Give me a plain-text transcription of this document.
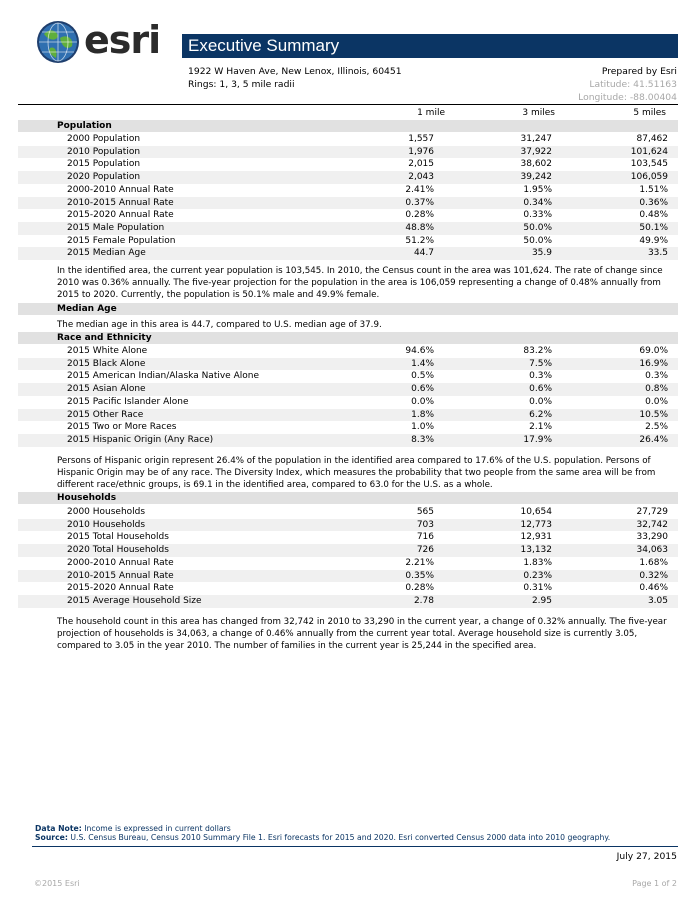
esri Executive Summary
1922 W Haven Ave, New Lenox, Illinois, 60451
Rings: 1, 3, 5 mile radii
Prepared by Esri
Latitude: 41.51163
Longitude: -88.00404
1 mile	3 miles	5 miles
Population
2000 Population	1,557	31,247	87,462
2010 Population	1,976	37,922	101,624
2015 Population	2,015	38,602	103,545
2020 Population	2,043	39,242	106,059
2000-2010 Annual Rate	2.41%	1.95%	1.51%
2010-2015 Annual Rate	0.37%	0.34%	0.36%
2015-2020 Annual Rate	0.28%	0.33%	0.48%
2015 Male Population	48.8%	50.0%	50.1%
2015 Female Population	51.2%	50.0%	49.9%
2015 Median Age	44.7	35.9	33.5
In the identified area, the current year population is 103,545. In 2010, the Census count in the area was 101,624. The rate of change since 2010 was 0.36% annually. The five-year projection for the population in the area is 106,059 representing a change of 0.48% annually from 2015 to 2020. Currently, the population is 50.1% male and 49.9% female.
Median Age
The median age in this area is 44.7, compared to U.S. median age of 37.9.
Race and Ethnicity
2015 White Alone	94.6%	83.2%	69.0%
2015 Black Alone	1.4%	7.5%	16.9%
2015 American Indian/Alaska Native Alone	0.5%	0.3%	0.3%
2015 Asian Alone	0.6%	0.6%	0.8%
2015 Pacific Islander Alone	0.0%	0.0%	0.0%
2015 Other Race	1.8%	6.2%	10.5%
2015 Two or More Races	1.0%	2.1%	2.5%
2015 Hispanic Origin (Any Race)	8.3%	17.9%	26.4%
Persons of Hispanic origin represent 26.4% of the population in the identified area compared to 17.6% of the U.S. population. Persons of Hispanic Origin may be of any race. The Diversity Index, which measures the probability that two people from the same area will be from different race/ethnic groups, is 69.1 in the identified area, compared to 63.0 for the U.S. as a whole.
Households
2000 Households	565	10,654	27,729
2010 Households	703	12,773	32,742
2015 Total Households	716	12,931	33,290
2020 Total Households	726	13,132	34,063
2000-2010 Annual Rate	2.21%	1.83%	1.68%
2010-2015 Annual Rate	0.35%	0.23%	0.32%
2015-2020 Annual Rate	0.28%	0.31%	0.46%
2015 Average Household Size	2.78	2.95	3.05
The household count in this area has changed from 32,742 in 2010 to 33,290 in the current year, a change of 0.32% annually. The five-year projection of households is 34,063, a change of 0.46% annually from the current year total. Average household size is currently 3.05, compared to 3.05 in the year 2010. The number of families in the current year is 25,244 in the specified area.
Data Note: Income is expressed in current dollars
Source: U.S. Census Bureau, Census 2010 Summary File 1. Esri forecasts for 2015 and 2020. Esri converted Census 2000 data into 2010 geography.
July 27, 2015
©2015 Esri	Page 1 of 2
